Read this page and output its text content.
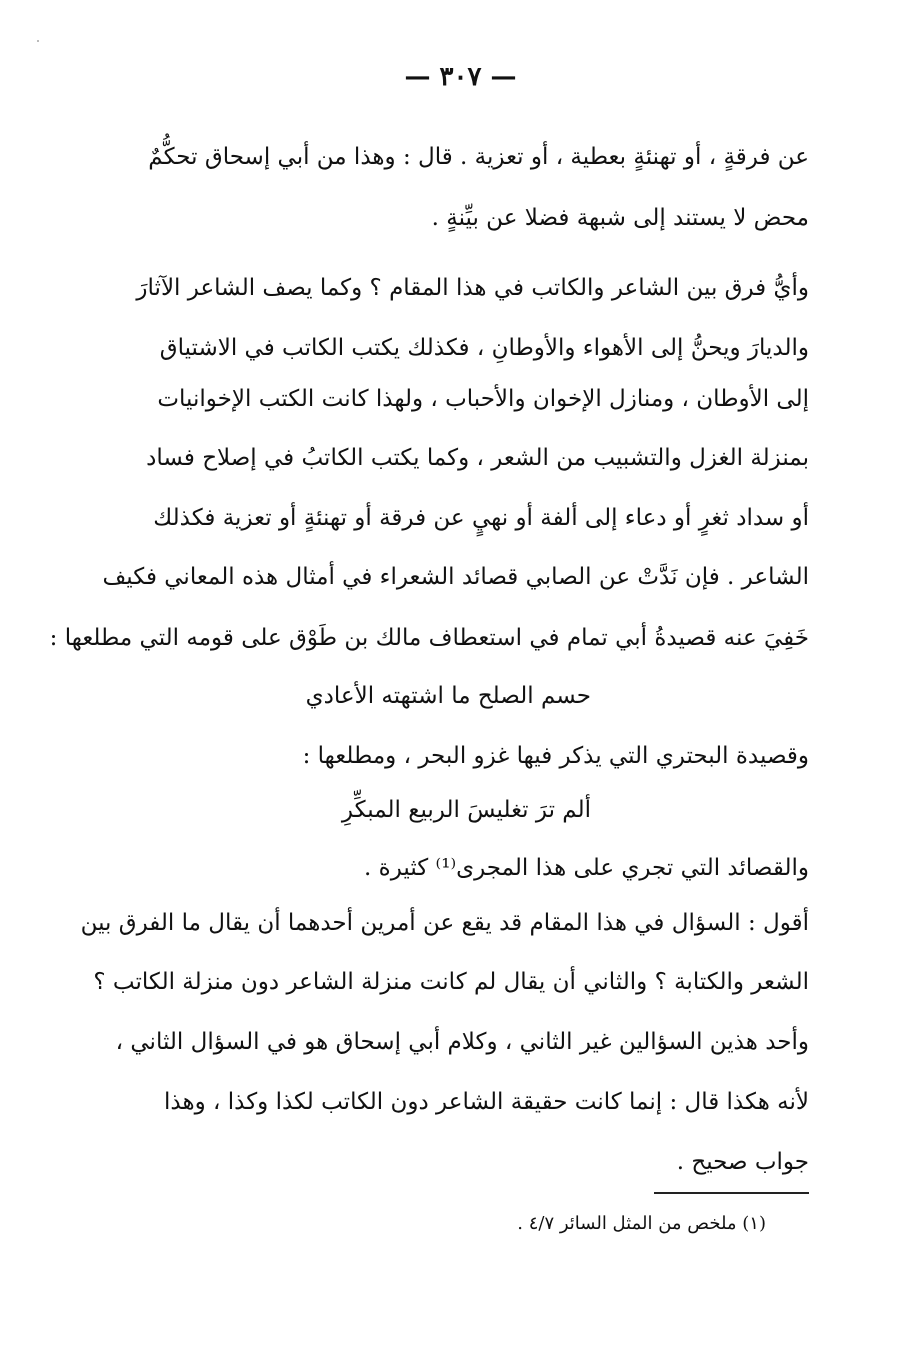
— ٣٠٧ —
عن فرقةٍ ، أو تهنئةٍ بعطية ، أو تعزية . قال : وهذا من أبي إسحاق تحكُّمٌ
محض لا يستند إلى شبهة فضلا عن بيِّنةٍ .
وأيُّ فرق بين الشاعر والكاتب في هذا المقام ؟ وكما يصف الشاعر الآثارَ
والديارَ ويحنُّ إلى الأهواء والأوطانِ ، فكذلك يكتب الكاتب في الاشتياق
إلى الأوطان ، ومنازل الإخوان والأحباب ، ولهذا كانت الكتب الإخوانيات
بمنزلة الغزل والتشبيب من الشعر ، وكما يكتب الكاتبُ في إصلاح فساد
أو سداد ثغرٍ أو دعاء إلى ألفة أو نهيٍ عن فرقة أو تهنئةٍ أو تعزية فكذلك
الشاعر . فإن نَدَّتْ عن الصابي قصائد الشعراء في أمثال هذه المعاني فكيف
خَفِيَ عنه قصيدةُ أبي تمام في استعطاف مالك بن طَوْق على قومه التي مطلعها :
حسم الصلح ما اشتهته الأعادي
وقصيدة البحتري التي يذكر فيها غزو البحر ، ومطلعها :
ألم ترَ تغليسَ الربيع المبكِّرِ
والقصائد التي تجري على هذا المجرى⁽¹⁾ كثيرة .
أقول : السؤال في هذا المقام قد يقع عن أمرين أحدهما أن يقال ما الفرق بين
الشعر والكتابة ؟ والثاني أن يقال لم كانت منزلة الشاعر دون منزلة الكاتب ؟
وأحد هذين السؤالين غير الثاني ، وكلام أبي إسحاق هو في السؤال الثاني ،
لأنه هكذا قال : إنما كانت حقيقة الشاعر دون الكاتب لكذا وكذا ، وهذا
جواب صحيح .
(١) ملخص من المثل السائر ٤/٧ .
